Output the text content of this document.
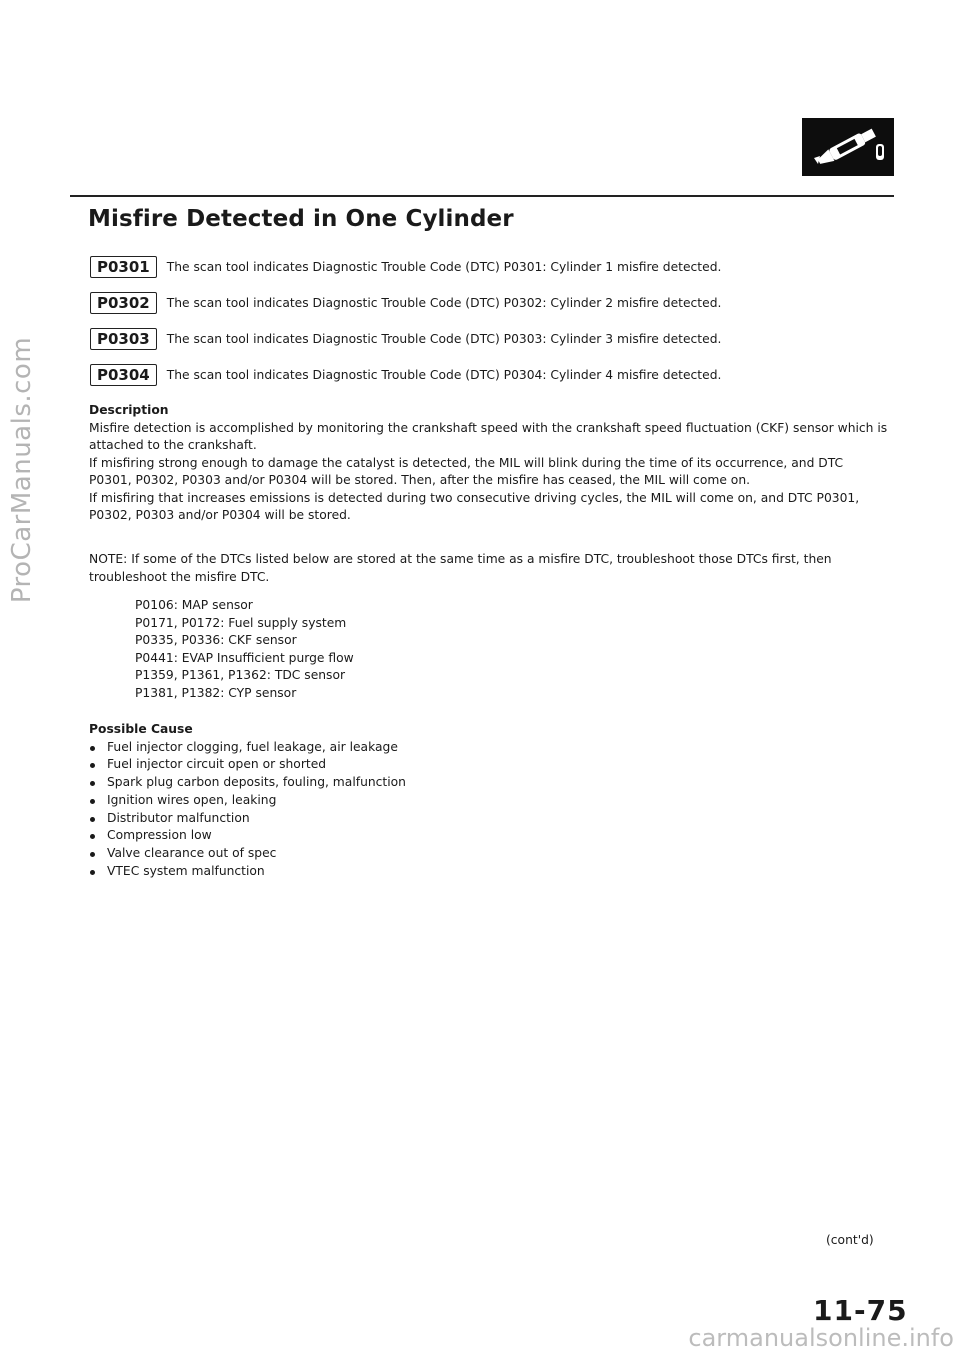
ProCarManuals.com
carmanualsonline.info
Misfire Detected in One Cylinder
P0301	The scan tool indicates Diagnostic Trouble Code (DTC) P0301: Cylinder 1 misfire detected.
P0302	The scan tool indicates Diagnostic Trouble Code (DTC) P0302: Cylinder 2 misfire detected.
P0303	The scan tool indicates Diagnostic Trouble Code (DTC) P0303: Cylinder 3 misfire detected.
P0304	The scan tool indicates Diagnostic Trouble Code (DTC) P0304: Cylinder 4 misfire detected.
Description

Misfire detection is accomplished by monitoring the crankshaft speed with the crankshaft speed fluctuation (CKF) sensor which is attached to the crankshaft.

If misfiring strong enough to damage the catalyst is detected, the MIL will blink during the time of its occurrence, and DTC P0301, P0302, P0303 and/or P0304 will be stored. Then, after the misfire has ceased, the MIL will come on.

If misfiring that increases emissions is detected during two consecutive driving cycles, the MIL will come on, and DTC P0301, P0302, P0303 and/or P0304 will be stored.

NOTE: If some of the DTCs listed below are stored at the same time as a misfire DTC, troubleshoot those DTCs first, then troubleshoot the misfire DTC.

P0106: MAP sensor
P0171, P0172: Fuel supply system
P0335, P0336: CKF sensor
P0441: EVAP Insufficient purge flow
P1359, P1361, P1362: TDC sensor
P1381, P1382: CYP sensor
Possible Cause
Fuel injector clogging, fuel leakage, air leakage
Fuel injector circuit open or shorted
Spark plug carbon deposits, fouling, malfunction
Ignition wires open, leaking
Distributor malfunction
Compression low
Valve clearance out of spec
VTEC system malfunction
(cont'd)
11-75
